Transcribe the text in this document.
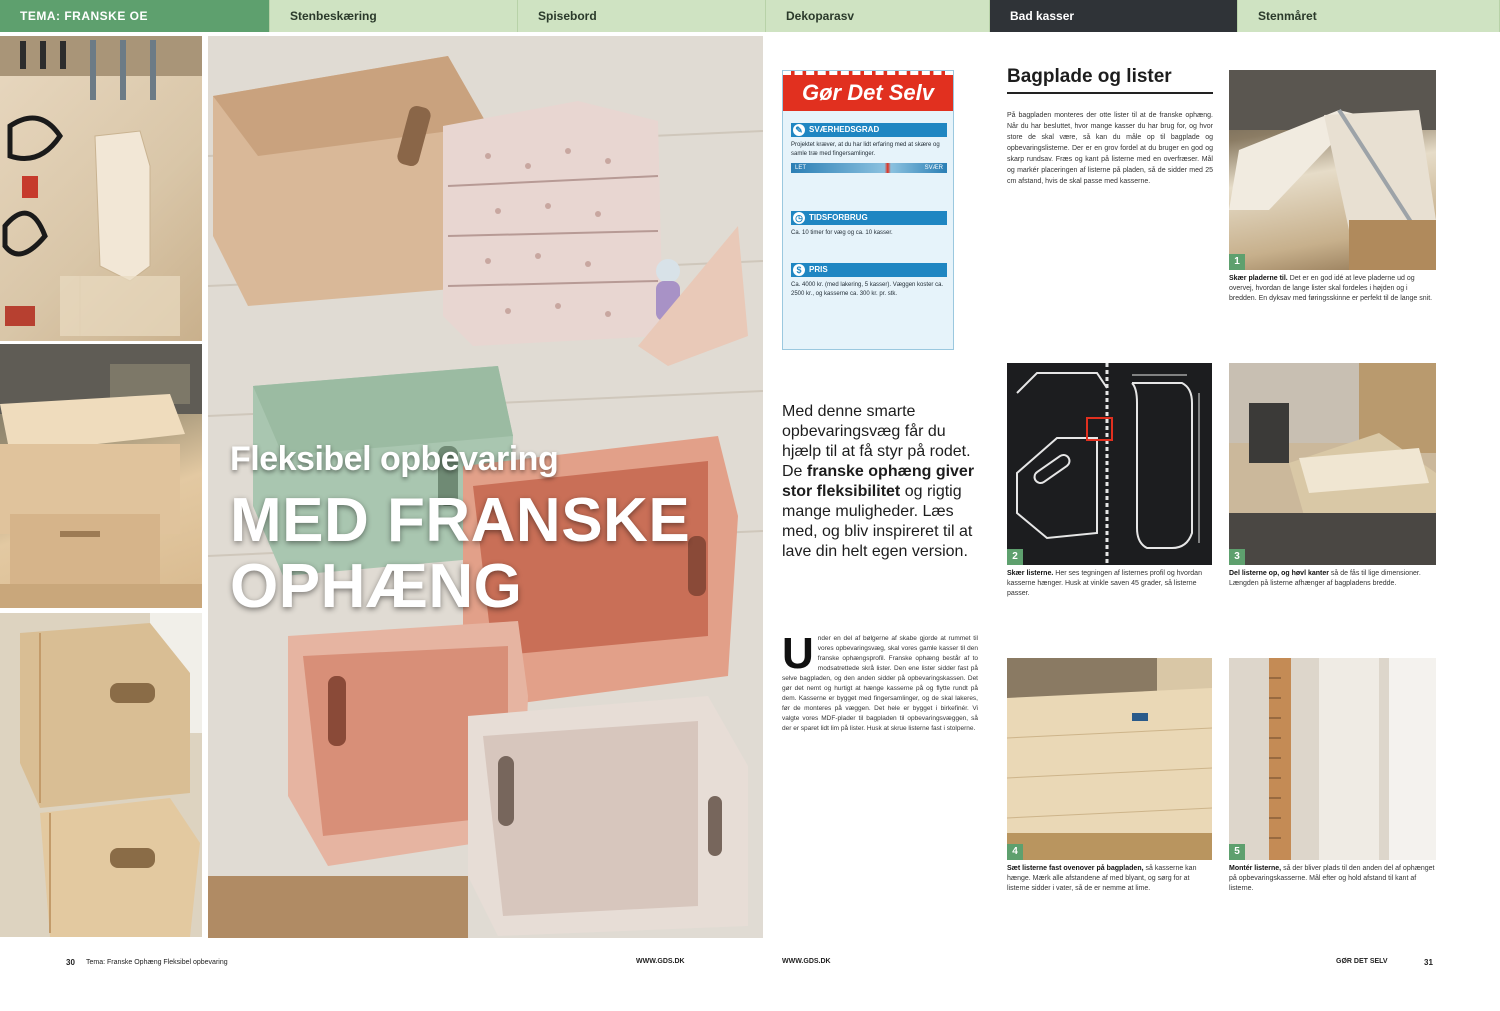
TEMA: FRANSKE OE	Stenbeskæring	Spisebord	Dekoparasv	Bad kasser	Stenmåret
Fleksibel opbevaring
MED FRANSKE OPHÆNG
Gør Det Selv
✎ SVÆRHEDSGRAD
Projektet kræver, at du har lidt erfaring med at skære og samle træ med fingersamlinger.
LET	SVÆR
◷ TIDSFORBRUG
Ca. 10 timer for væg og ca. 10 kasser.
$ PRIS
Ca. 4000 kr. (med lakering, 5 kasser). Væggen koster ca. 2500 kr., og kasserne ca. 300 kr. pr. stk.
Med denne smarte opbevaringsvæg får du hjælp til at få styr på rodet. De franske ophæng giver stor fleksibilitet og rigtig mange muligheder. Læs med, og bliv inspireret til at lave din helt egen version.
U nder en del af bølgerne af skabe gjorde at rummet til vores opbevaringsvæg, skal vores gamle kasser til den franske ophængsprofil. Franske ophæng består af to modsatrettede skrå lister. Den ene lister sidder fast på selve bagpladen, og den anden sidder på opbevaringskassen. Det gør det nemt og hurtigt at hænge kasserne på og flytte rundt på dem. Kasserne er bygget med fingersamlinger, og de skal lakeres, før de monteres på væggen. Det hele er bygget i birkefinér. Vi valgte vores MDF-plader til bagpladen til opbevaringsvæggen, så der er sparet lidt lim på lister. Husk at skrue listerne fast i stolperne.
Bagplade og lister
På bagpladen monteres der otte lister til at de franske ophæng. Når du har besluttet, hvor mange kasser du har brug for, og hvor store de skal være, så kan du måle op til bagplade og opbevaringslisterne. Der er en grov fordel at du bruger en god og skarp rundsav. Fræs og kant på listerne med en overfræser. Mål og markér placeringen af listerne på pladen, så de sidder med 25 cm afstand, hvis de skal passe med kasserne.
1
Skær pladerne til. Det er en god idé at leve pladerne ud og overvej, hvordan de lange lister skal fordeles i højden og i bredden. En dyksav med føringsskinne er perfekt til de lange snit.
2
Skær listerne. Her ses tegningen af listernes profil og hvordan kasserne hænger. Husk at vinkle saven 45 grader, så listerne passer.
3
Del listerne op, og høvl kanter så de fås til lige dimensioner. Længden på listerne afhænger af bagpladens bredde.
4
Sæt listerne fast ovenover på bagpladen, så kasserne kan hænge. Mærk alle afstandene af med blyant, og sørg for at listerne sidder i vater, så de er nemme at lime.
5
Montér listerne, så der bliver plads til den anden del af ophænget på opbevaringskasserne. Mål efter og hold afstand til kant af listerne.
30 Tema: Franske Ophæng Fleksibel opbevaring	WWW.GDS.DK	WWW.GDS.DK	GØR DET SELV	31
